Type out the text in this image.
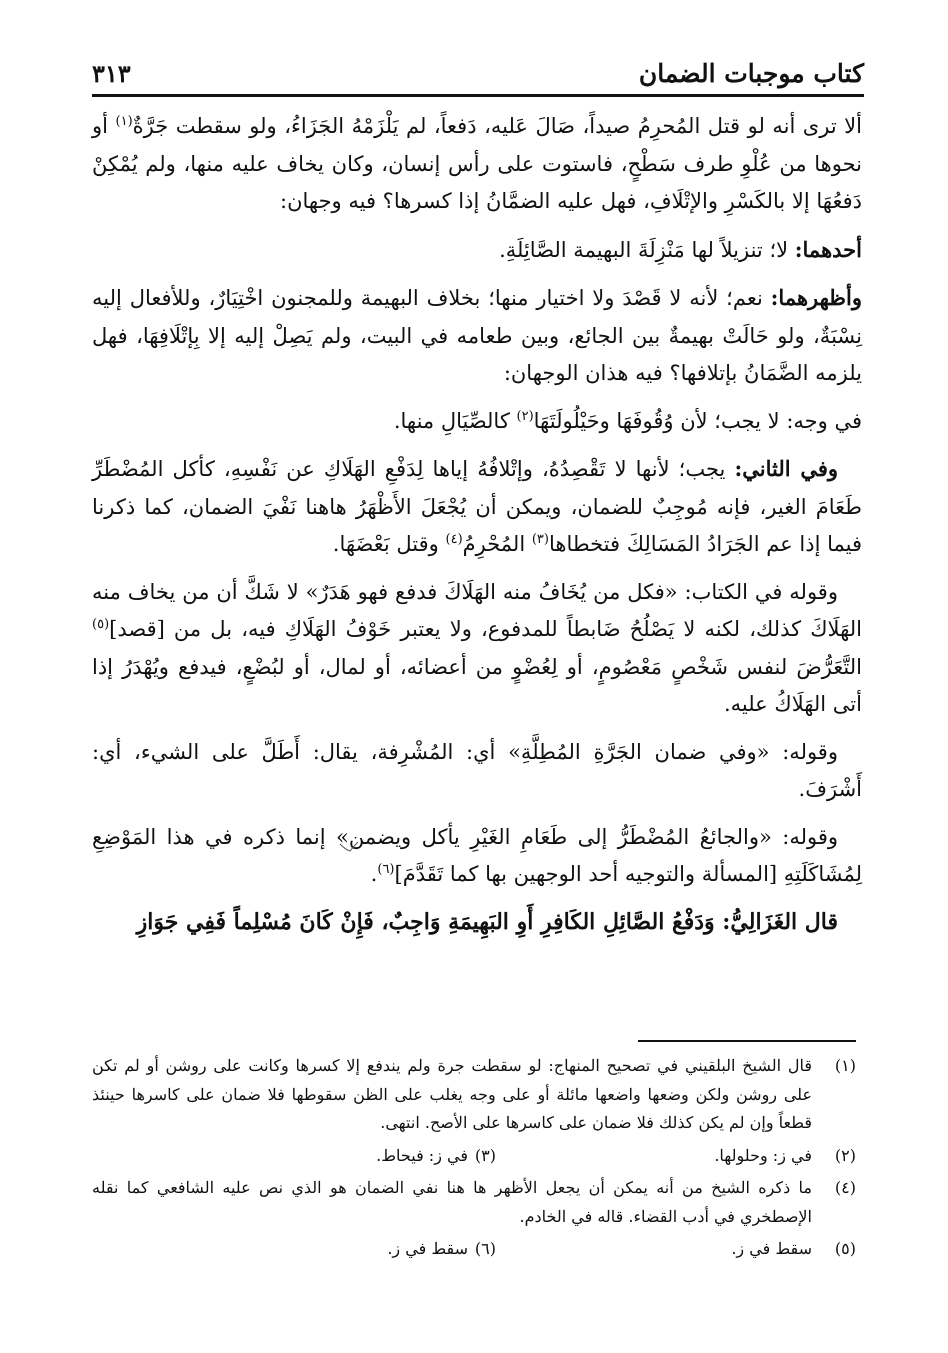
كتاب موجبات الضمان
٣١٣

ألا ترى أنه لو قتل المُحرِمُ صيداً، صَالَ عَليه، دَفعاً، لم يَلْزَمْهُ الجَزَاءُ، ولو سقطت جَرَّةٌ$^{(١)}$ أو نحوها من عُلْوِ طرف سَطْحٍ، فاستوت على رأس إنسان، وكان يخاف عليه منها، ولم يُمْكِنْ دَفعُهَا إلا بالكَسْرِ والإتْلَافِ، فهل عليه الضمَّانُ إذا كسرها؟ فيه وجهان:

أحدهما: لا؛ تنزيلاً لها مَنْزِلَةَ البهيمة الصَّائِلَةِ.

وأظهرهما: نعم؛ لأنه لا قَصْدَ ولا اختيار منها؛ بخلاف البهيمة وللمجنون اخْتِيَارٌ، وللأفعال إليه نِسْبَةٌ، ولو حَالَتْ بهيمةٌ بين الجائع، وبين طعامه في البيت، ولم يَصِلْ إليه إلا بِإتْلَافِهَا، فهل يلزمه الضَّمَانُ بإتلافها؟ فيه هذان الوجهان:

في وجه: لا يجب؛ لأن وُقُوفَهَا وحَيْلُولَتَهَا$^{(٢)}$ كالصِّيَالِ منها.

وفي الثاني: يجب؛ لأنها لا تَقْصِدُهُ، وإتْلافُهُ إياها لِدَفْعِ الهَلَاكِ عن نَفْسِهِ، كأكل المُضْطَرِّ طَعَامَ الغير، فإنه مُوجِبٌ للضمان، ويمكن أن يُجْعَلَ الأَظْهَرُ هاهنا نَفْيَ الضمان، كما ذكرنا فيما إذا عم الجَرَادُ المَسَالِكَ فتخطاها$^{(٣)}$ المُحْرِمُ$^{(٤)}$ وقتل بَعْضَهَا.

وقوله في الكتاب: «فكل من يُخَافُ منه الهَلَاكَ فدفع فهو هَدَرٌ» لا شَكَّ أن من يخاف منه الهَلَاكَ كذلك، لكنه لا يَصْلُحُ ضَابطاً للمدفوع، ولا يعتبر خَوْفُ الهَلَاكِ فيه، بل من [قصد]$^{(٥)}$ التَّعَرُّضَ لنفس شَخْصٍ مَعْصُومٍ، أو لِعُضْوٍ من أعضائه، أو لمال، أو لبُضْعٍ، فيدفع ويُهْدَرُ إذا أتى الهَلَاكُ عليه.

وقوله: «وفي ضمان الجَرَّةِ المُطِلَّةِ» أي: المُشْرِفة، يقال: أَطَلَّ على الشيء، أي: أَشْرَفَ.

وقوله: «والجائعُ المُضْطَرُّ إلى طَعَامِ الغَيْرِ يأكل ويضمن» إنما ذكره في هذا المَوْضِعِ لِمُشَاكَلَتِهِ [المسألة والتوجيه أحد الوجهين بها كما تَقَدَّمَ]$^{(٦)}$.

قال الغَزَالِيُّ: وَدَفْعُ الصَّائِلِ الكَافِرِ أَوِ البَهِيمَةِ وَاجِبٌ، فَإِنْ كَانَ مُسْلِماً فَفِي جَوَازِ

(١)
قال الشيخ البلقيني في تصحيح المنهاج: لو سقطت جرة ولم يندفع إلا كسرها وكانت على روشن أو لم تكن على روشن ولكن وضعها واضعها مائلة أو على وجه يغلب على الظن سقوطها فلا ضمان على كاسرها حينئذ قطعاً وإن لم يكن كذلك فلا ضمان على كاسرها على الأصح. انتهى.
(٢)
في ز: وحلولها.
(٣)
في ز: فيحاط.
(٤)
ما ذكره الشيخ من أنه يمكن أن يجعل الأظهر ها هنا نفي الضمان هو الذي نص عليه الشافعي كما نقله الإصطخري في أدب القضاء. قاله في الخادم.
(٥)
سقط في ز.
(٦)
سقط في ز.
